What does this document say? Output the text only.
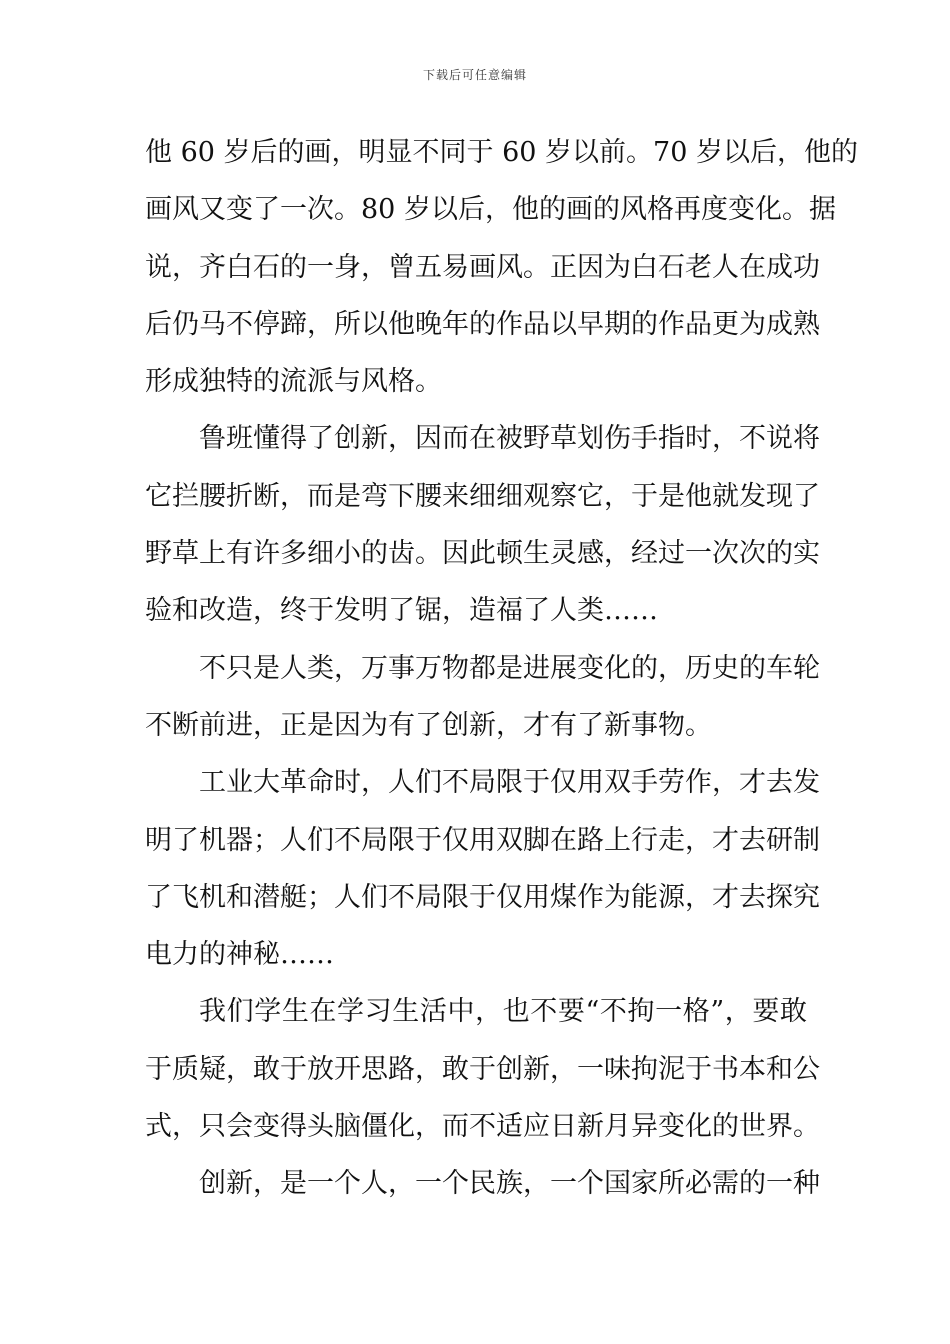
下载后可任意编辑
他 60 岁后的画，明显不同于 60 岁以前。70 岁以后，他的
画风又变了一次。80 岁以后，他的画的风格再度变化。据
说，齐白石的一身，曾五易画风。正因为白石老人在成功
后仍马不停蹄，所以他晚年的作品以早期的作品更为成熟
形成独特的流派与风格。
鲁班懂得了创新，因而在被野草划伤手指时，不说将
它拦腰折断，而是弯下腰来细细观察它，于是他就发现了
野草上有许多细小的齿。因此顿生灵感，经过一次次的实
验和改造，终于发明了锯，造福了人类……
不只是人类，万事万物都是进展变化的，历史的车轮
不断前进，正是因为有了创新，才有了新事物。
工业大革命时，人们不局限于仅用双手劳作，才去发
明了机器；人们不局限于仅用双脚在路上行走，才去研制
了飞机和潜艇；人们不局限于仅用煤作为能源，才去探究
电力的神秘……
我们学生在学习生活中，也不要“不拘一格”，要敢
于质疑，敢于放开思路，敢于创新，一味拘泥于书本和公
式，只会变得头脑僵化，而不适应日新月异变化的世界。
创新，是一个人，一个民族，一个国家所必需的一种
